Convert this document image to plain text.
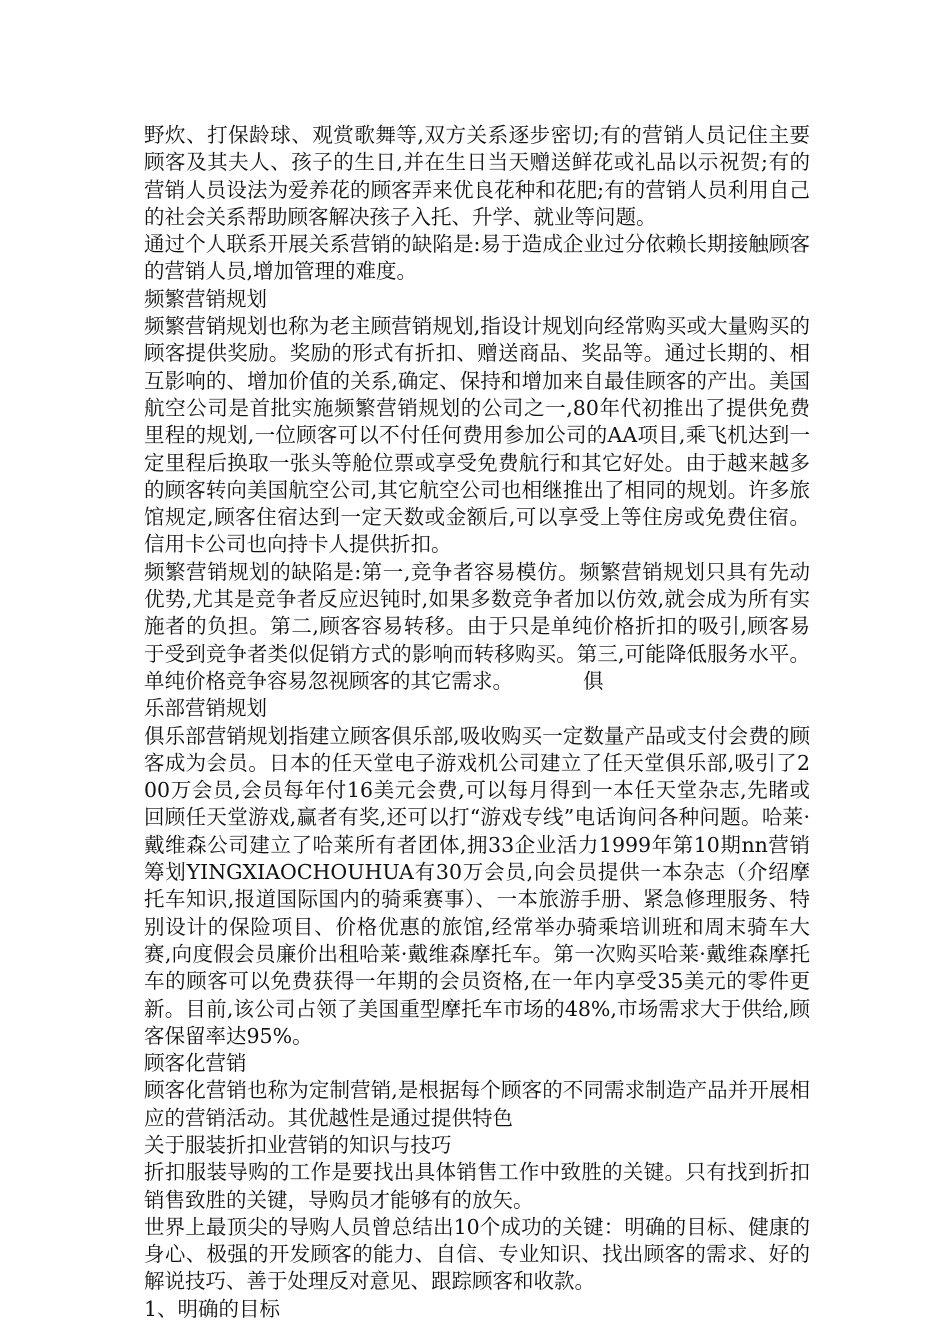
野炊、打保龄球、观赏歌舞等,双方关系逐步密切;有的营销人员记住主要顾客及其夫人、孩子的生日,并在生日当天赠送鲜花或礼品以示祝贺;有的营销人员设法为爱养花的顾客弄来优良花种和花肥;有的营销人员利用自己的社会关系帮助顾客解决孩子入托、升学、就业等问题。

通过个人联系开展关系营销的缺陷是:易于造成企业过分依赖长期接触顾客的营销人员,增加管理的难度。

频繁营销规划

频繁营销规划也称为老主顾营销规划,指设计规划向经常购买或大量购买的顾客提供奖励。奖励的形式有折扣、赠送商品、奖品等。通过长期的、相互影响的、增加价值的关系,确定、保持和增加来自最佳顾客的产出。美国航空公司是首批实施频繁营销规划的公司之一,80年代初推出了提供免费里程的规划,一位顾客可以不付任何费用参加公司的AA项目,乘飞机达到一定里程后换取一张头等舱位票或享受免费航行和其它好处。由于越来越多的顾客转向美国航空公司,其它航空公司也相继推出了相同的规划。许多旅馆规定,顾客住宿达到一定天数或金额后,可以享受上等住房或免费住宿。信用卡公司也向持卡人提供折扣。

频繁营销规划的缺陷是:第一,竞争者容易模仿。频繁营销规划只具有先动优势,尤其是竞争者反应迟钝时,如果多数竞争者加以仿效,就会成为所有实施者的负担。第二,顾客容易转移。由于只是单纯价格折扣的吸引,顾客易于受到竞争者类似促销方式的影响而转移购买。第三,可能降低服务水平。单纯价格竞争容易忽视顾客的其它需求。	俱

乐部营销规划

俱乐部营销规划指建立顾客俱乐部,吸收购买一定数量产品或支付会费的顾客成为会员。日本的任天堂电子游戏机公司建立了任天堂俱乐部,吸引了200万会员,会员每年付16美元会费,可以每月得到一本任天堂杂志,先睹或回顾任天堂游戏,赢者有奖,还可以打“游戏专线”电话询问各种问题。哈莱·戴维森公司建立了哈莱所有者团体,拥33企业活力1999年第10期nn营销筹划YINGXIAOCHOUHUA有30万会员,向会员提供一本杂志（介绍摩托车知识,报道国际国内的骑乘赛事）、一本旅游手册、紧急修理服务、特别设计的保险项目、价格优惠的旅馆,经常举办骑乘培训班和周末骑车大赛,向度假会员廉价出租哈莱·戴维森摩托车。第一次购买哈莱·戴维森摩托车的顾客可以免费获得一年期的会员资格,在一年内享受35美元的零件更新。目前,该公司占领了美国重型摩托车市场的48%,市场需求大于供给,顾客保留率达95%。

顾客化营销

顾客化营销也称为定制营销,是根据每个顾客的不同需求制造产品并开展相应的营销活动。其优越性是通过提供特色

关于服装折扣业营销的知识与技巧

折扣服装导购的工作是要找出具体销售工作中致胜的关键。只有找到折扣销售致胜的关键，导购员才能够有的放矢。

世界上最顶尖的导购人员曾总结出10个成功的关键：明确的目标、健康的身心、极强的开发顾客的能力、自信、专业知识、找出顾客的需求、好的解说技巧、善于处理反对意见、跟踪顾客和收款。

1、明确的目标
